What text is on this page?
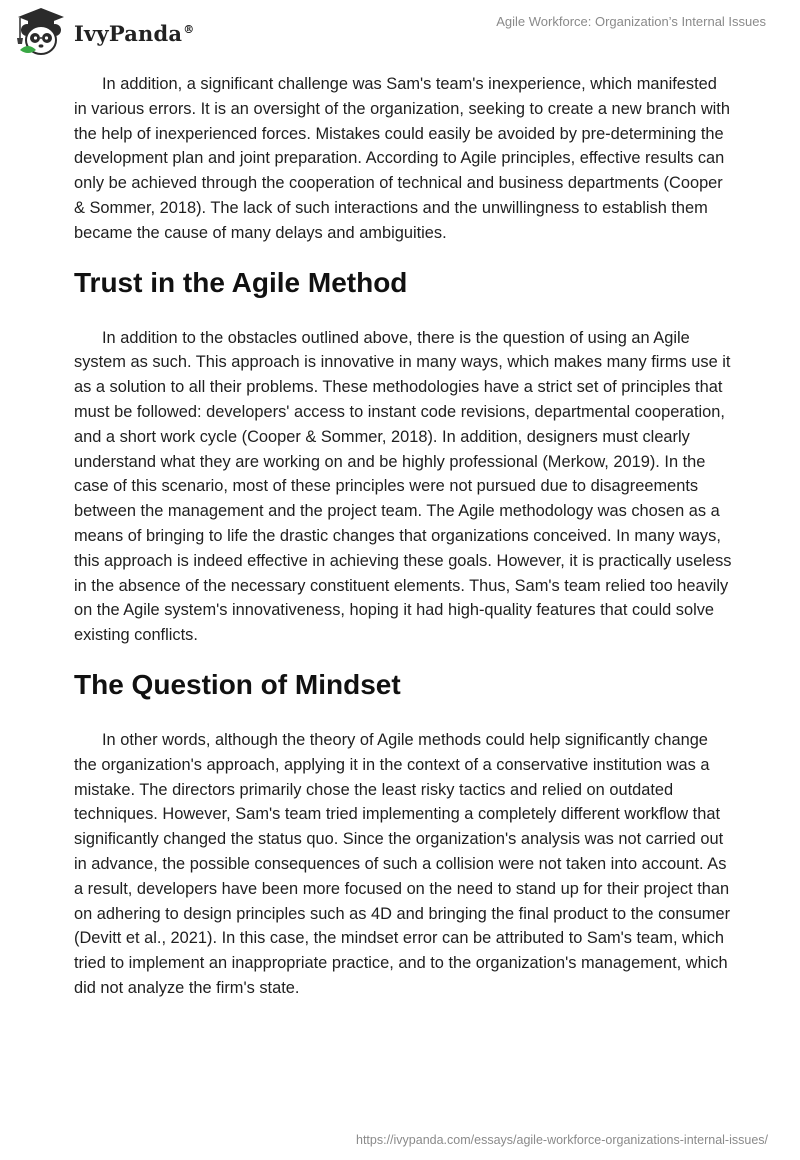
IvyPanda®	Agile Workforce: Organization’s Internal Issues

In addition, a significant challenge was Sam's team's inexperience, which manifested in various errors. It is an oversight of the organization, seeking to create a new branch with the help of inexperienced forces. Mistakes could easily be avoided by pre-determining the development plan and joint preparation. According to Agile principles, effective results can only be achieved through the cooperation of technical and business departments (Cooper & Sommer, 2018). The lack of such interactions and the unwillingness to establish them became the cause of many delays and ambiguities.

Trust in the Agile Method

In addition to the obstacles outlined above, there is the question of using an Agile system as such. This approach is innovative in many ways, which makes many firms use it as a solution to all their problems. These methodologies have a strict set of principles that must be followed: developers' access to instant code revisions, departmental cooperation, and a short work cycle (Cooper & Sommer, 2018). In addition, designers must clearly understand what they are working on and be highly professional (Merkow, 2019). In the case of this scenario, most of these principles were not pursued due to disagreements between the management and the project team. The Agile methodology was chosen as a means of bringing to life the drastic changes that organizations conceived. In many ways, this approach is indeed effective in achieving these goals. However, it is practically useless in the absence of the necessary constituent elements. Thus, Sam's team relied too heavily on the Agile system's innovativeness, hoping it had high-quality features that could solve existing conflicts.

The Question of Mindset

In other words, although the theory of Agile methods could help significantly change the organization's approach, applying it in the context of a conservative institution was a mistake. The directors primarily chose the least risky tactics and relied on outdated techniques. However, Sam's team tried implementing a completely different workflow that significantly changed the status quo. Since the organization's analysis was not carried out in advance, the possible consequences of such a collision were not taken into account. As a result, developers have been more focused on the need to stand up for their project than on adhering to design principles such as 4D and bringing the final product to the consumer (Devitt et al., 2021). In this case, the mindset error can be attributed to Sam's team, which tried to implement an inappropriate practice, and to the organization's management, which did not analyze the firm's state.

https://ivypanda.com/essays/agile-workforce-organizations-internal-issues/
